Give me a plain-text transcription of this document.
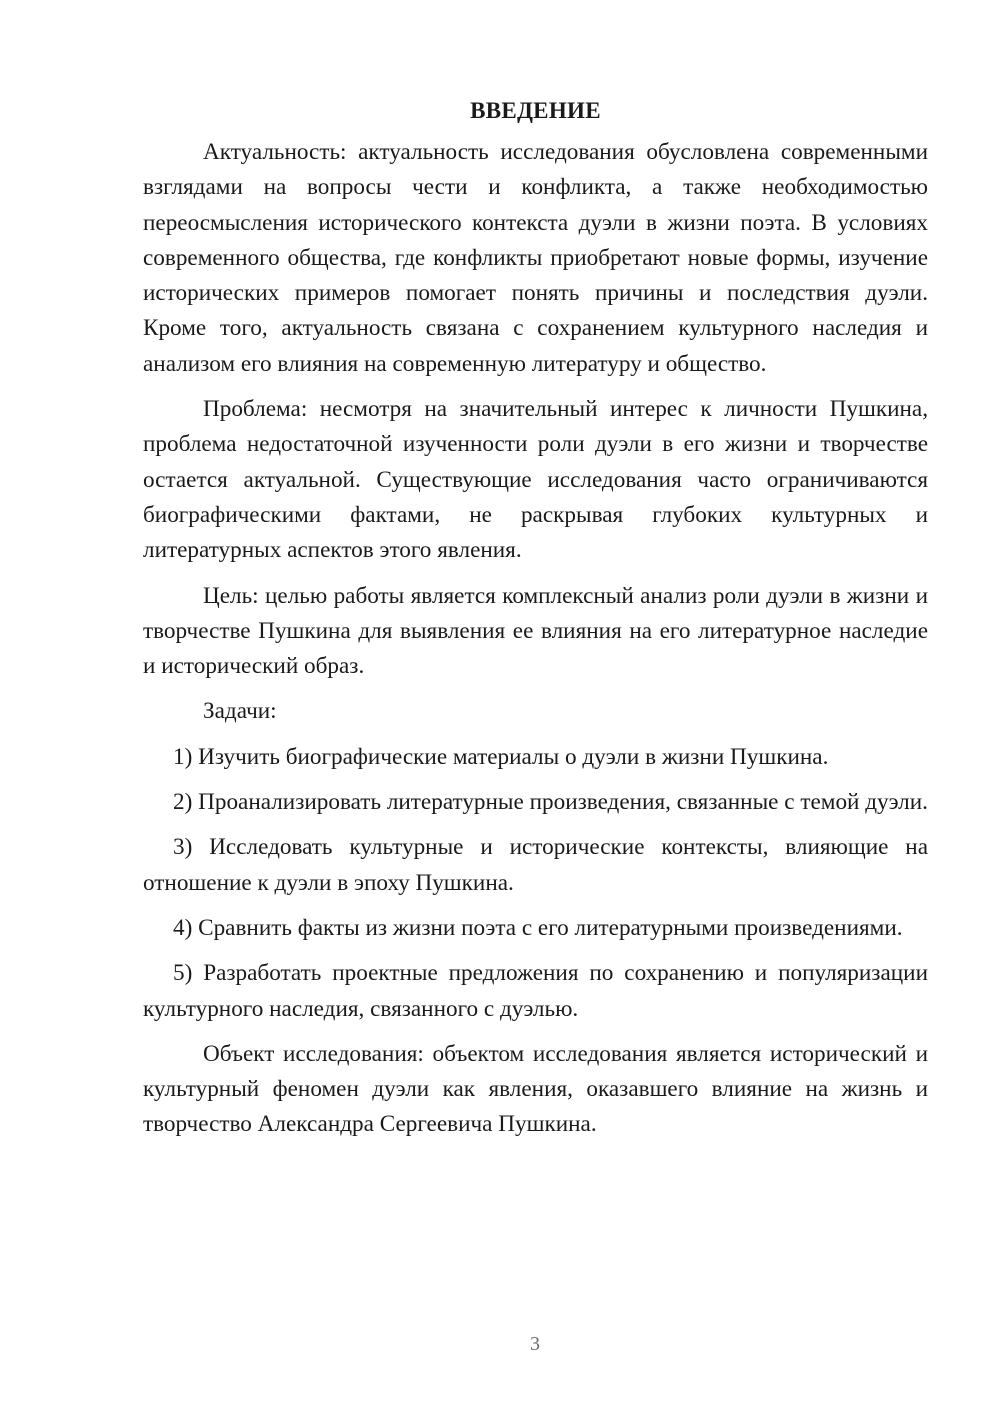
ВВЕДЕНИЕ

Актуальность: актуальность исследования обусловлена современными взглядами на вопросы чести и конфликта, а также необходимостью переосмысления исторического контекста дуэли в жизни поэта. В условиях современного общества, где конфликты приобретают новые формы, изучение исторических примеров помогает понять причины и последствия дуэли. Кроме того, актуальность связана с сохранением культурного наследия и анализом его влияния на современную литературу и общество.

Проблема: несмотря на значительный интерес к личности Пушкина, проблема недостаточной изученности роли дуэли в его жизни и творчестве остается актуальной. Существующие исследования часто ограничиваются биографическими фактами, не раскрывая глубоких культурных и литературных аспектов этого явления.

Цель: целью работы является комплексный анализ роли дуэли в жизни и творчестве Пушкина для выявления ее влияния на его литературное наследие и исторический образ.

Задачи:

1) Изучить биографические материалы о дуэли в жизни Пушкина.

2) Проанализировать литературные произведения, связанные с темой дуэли.

3) Исследовать культурные и исторические контексты, влияющие на отношение к дуэли в эпоху Пушкина.

4) Сравнить факты из жизни поэта с его литературными произведениями.

5) Разработать проектные предложения по сохранению и популяризации культурного наследия, связанного с дуэлью.

Объект исследования: объектом исследования является исторический и культурный феномен дуэли как явления, оказавшего влияние на жизнь и творчество Александра Сергеевича Пушкина.

3
